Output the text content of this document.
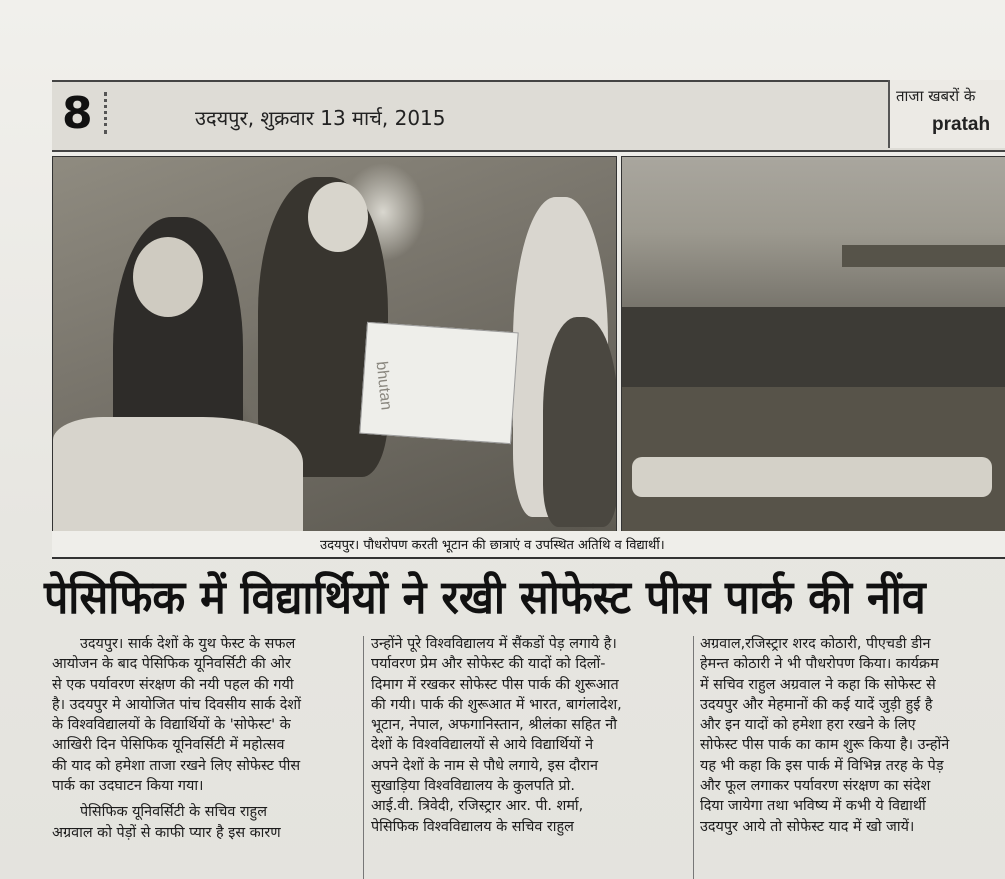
8	उदयपुर, शुक्रवार 13 मार्च, 2015
ताजा खबरों के
pratah
bhutan
उदयपुर। पौधरोपण करती भूटान की छात्राएं व उपस्थित अतिथि व विद्यार्थी।
पेसिफिक में विद्यार्थियों ने रखी सोफेस्ट पीस पार्क की नींव

उदयपुर। सार्क देशों के युथ फेस्ट के सफल

आयोजन के बाद पेसिफिक यूनिवर्सिटी की ओर

से एक पर्यावरण संरक्षण की नयी पहल की गयी

है। उदयपुर मे आयोजित पांच दिवसीय सार्क देशों

के विश्वविद्यालयों के विद्यार्थियों के 'सोफेस्ट' के

आखिरी दिन पेसिफिक यूनिवर्सिटी में महोत्सव

की याद को हमेशा ताजा रखने लिए सोफेस्ट पीस

पार्क का उदघाटन किया गया।

पेसिफिक यूनिवर्सिटी के सचिव राहुल

अग्रवाल को पेड़ों से काफी प्यार है इस कारण

उन्होंने पूरे विश्वविद्यालय में सैंकडों पेड़ लगाये है।

पर्यावरण प्रेम और सोफेस्ट की यादों को दिलों-

दिमाग में रखकर सोफेस्ट पीस पार्क की शुरूआत

की गयी। पार्क की शुरूआत में भारत, बागंलादेश,

भूटान, नेपाल, अफगानिस्तान, श्रीलंका सहित नौ

देशों के विश्वविद्यालयों से आये विद्यार्थियों ने

अपने देशों के नाम से पौधे लगाये, इस दौरान

सुखाड़िया विश्वविद्यालय के कुलपति प्रो.

आई.वी. त्रिवेदी, रजिस्ट्रार आर. पी. शर्मा,

पेसिफिक विश्वविद्यालय के सचिव राहुल

अग्रवाल,रजिस्ट्रार शरद कोठारी, पीएचडी डीन

हेमन्त कोठारी ने भी पौधरोपण किया। कार्यक्रम

में सचिव राहुल अग्रवाल ने कहा कि सोफेस्ट से

उदयपुर और मेहमानों की कई यादें जुड़ी हुई है

और इन यादों को हमेशा हरा रखने के लिए

सोफेस्ट पीस पार्क का काम शुरू किया है। उन्होंने

यह भी कहा कि इस पार्क में विभिन्न तरह के पेड़

और फूल लगाकर पर्यावरण संरक्षण का संदेश

दिया जायेगा तथा भविष्य में कभी ये विद्यार्थी

उदयपुर आये तो सोफेस्ट याद में खो जायें।
